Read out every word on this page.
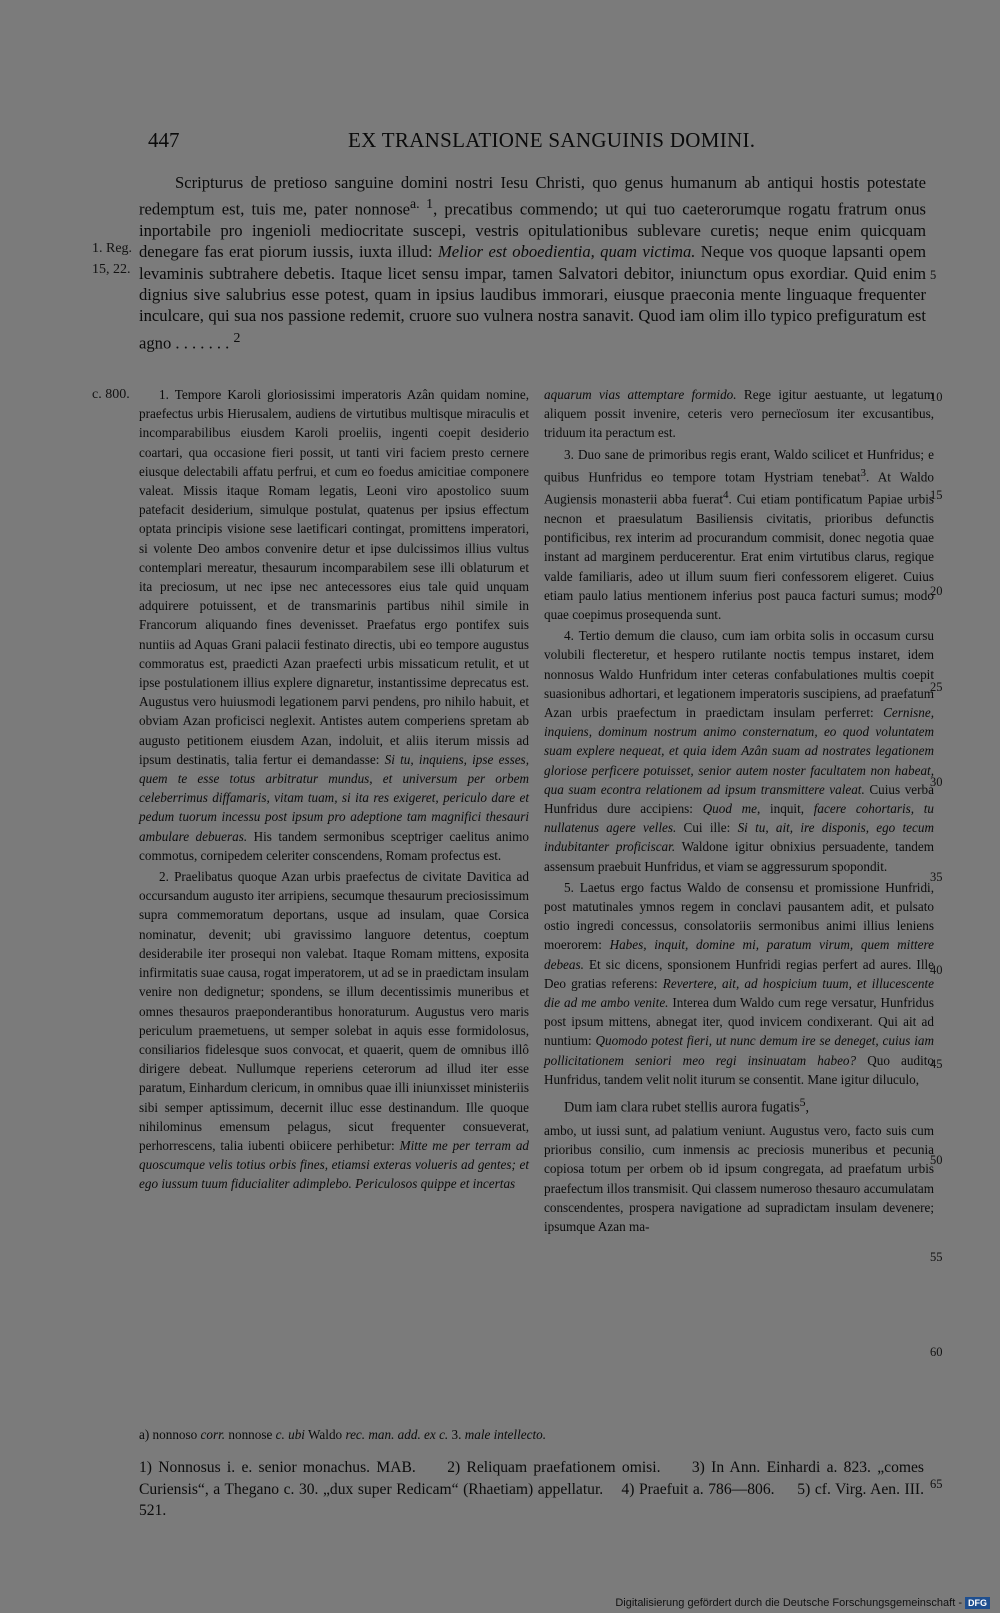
447	EX TRANSLATIONE SANGUINIS DOMINI.
Scripturus de pretioso sanguine domini nostri Iesu Christi, quo genus humanum ab antiqui hostis potestate redemptum est, tuis me, pater nonnose$^{a. 1}$, precatibus commendo; ut qui tuo caeterorumque rogatu fratrum onus inportabile pro ingenioli mediocritate suscepi, vestris opitulationibus sublevare curetis; neque enim quicquam denegare fas erat piorum iussis, iuxta illud: Melior est oboedientia, quam victima. Neque vos quoque lapsanti opem levaminis subtrahere debetis. Itaque licet sensu impar, tamen Salvatori debitor, iniunctum opus exordiar. Quid enim dignius sive salubrius esse potest, quam in ipsius laudibus immorari, eiusque praeconia mente linguaque frequenter inculcare, qui sua nos passione redemit, cruore suo vulnera nostra sanavit. Quod iam olim illo typico prefiguratum est agno . . . . . . . $^2$
1. Reg.
15, 22.
c. 800.
5
10
15
20
25
30
35
40
45
50
55
60
65

1. Tempore Karoli gloriosissimi imperatoris Azân quidam nomine, praefectus urbis Hierusalem, audiens de virtutibus multisque miraculis et incomparabilibus eiusdem Karoli proeliis, ingenti coepit desiderio coartari, qua occasione fieri possit, ut tanti viri faciem presto cernere eiusque delectabili affatu perfrui, et cum eo foedus amicitiae componere valeat. Missis itaque Romam legatis, Leoni viro apostolico suum patefacit desiderium, simulque postulat, quatenus per ipsius effectum optata principis visione sese laetificari contingat, promittens imperatori, si volente Deo ambos convenire detur et ipse dulcissimos illius vultus contemplari mereatur, thesaurum incomparabilem sese illi oblaturum et ita preciosum, ut nec ipse nec antecessores eius tale quid unquam adquirere potuissent, et de transmarinis partibus nihil simile in Francorum aliquando fines devenisset. Praefatus ergo pontifex suis nuntiis ad Aquas Grani palacii festinato directis, ubi eo tempore augustus commoratus est, praedicti Azan praefecti urbis missaticum retulit, et ut ipse postulationem illius explere dignaretur, instantissime deprecatus est. Augustus vero huiusmodi legationem parvi pendens, pro nihilo habuit, et obviam Azan proficisci neglexit. Antistes autem comperiens spretam ab augusto petitionem eiusdem Azan, indoluit, et aliis iterum missis ad ipsum destinatis, talia fertur ei demandasse: Si tu, inquiens, ipse esses, quem te esse totus arbitratur mundus, et universum per orbem celeberrimus diffamaris, vitam tuam, si ita res exigeret, periculo dare et pedum tuorum incessu post ipsum pro adeptione tam magnifici thesauri ambulare debueras. His tandem sermonibus sceptriger caelitus animo commotus, cornipedem celeriter conscendens, Romam profectus est.

2. Praelibatus quoque Azan urbis praefectus de civitate Davitica ad occursandum augusto iter arripiens, secumque thesaurum preciosissimum supra commemoratum deportans, usque ad insulam, quae Corsica nominatur, devenit; ubi gravissimo languore detentus, coeptum desiderabile iter prosequi non valebat. Itaque Romam mittens, exposita infirmitatis suae causa, rogat imperatorem, ut ad se in praedictam insulam venire non dedignetur; spondens, se illum decentissimis muneribus et omnes thesauros praeponderantibus honoraturum. Augustus vero maris periculum praemetuens, ut semper solebat in aquis esse formidolosus, consiliarios fidelesque suos convocat, et quaerit, quem de omnibus illô dirigere debeat. Nullumque reperiens ceterorum ad illud iter esse paratum, Einhardum clericum, in omnibus quae illi iniunxisset ministeriis sibi semper aptissimum, decernit illuc esse destinandum. Ille quoque nihilominus emensum pelagus, sicut frequenter consueverat, perhorrescens, talia iubenti obiicere perhibetur: Mitte me per terram ad quoscumque velis totius orbis fines, etiamsi exteras volueris ad gentes; et ego iussum tuum fiducialiter adimplebo. Periculosos quippe et incertas

aquarum vias attemptare formido. Rege igitur aestuante, ut legatum aliquem possit invenire, ceteris vero pernecïosum iter excusantibus, triduum ita peractum est.

3. Duo sane de primoribus regis erant, Waldo scilicet et Hunfridus; e quibus Hunfridus eo tempore totam Hystriam tenebat$^3$. At Waldo Augiensis monasterii abba fuerat$^4$. Cui etiam pontificatum Papiae urbis necnon et praesulatum Basiliensis civitatis, prioribus defunctis pontificibus, rex interim ad procurandum commisit, donec negotia quae instant ad marginem perducerentur. Erat enim virtutibus clarus, regique valde familiaris, adeo ut illum suum fieri confessorem eligeret. Cuius etiam paulo latius mentionem inferius post pauca facturi sumus; modo quae coepimus prosequenda sunt.

4. Tertio demum die clauso, cum iam orbita solis in occasum cursu volubili flecteretur, et hespero rutilante noctis tempus instaret, idem nonnosus Waldo Hunfridum inter ceteras confabulationes multis coepit suasionibus adhortari, et legationem imperatoris suscipiens, ad praefatum Azan urbis praefectum in praedictam insulam perferret: Cernisne, inquiens, dominum nostrum animo consternatum, eo quod voluntatem suam explere nequeat, et quia idem Azân suam ad nostrates legationem gloriose perficere potuisset, senior autem noster facultatem non habeat, qua suam econtra relationem ad ipsum transmittere valeat. Cuius verba Hunfridus dure accipiens: Quod me, inquit, facere cohortaris, tu nullatenus agere velles. Cui ille: Si tu, ait, ire disponis, ego tecum indubitanter proficiscar. Waldone igitur obnixius persuadente, tandem assensum praebuit Hunfridus, et viam se aggressurum spopondit.

5. Laetus ergo factus Waldo de consensu et promissione Hunfridi, post matutinales ymnos regem in conclavi pausantem adit, et pulsato ostio ingredi concessus, consolatoriis sermonibus animi illius leniens moerorem: Habes, inquit, domine mi, paratum virum, quem mittere debeas. Et sic dicens, sponsionem Hunfridi regias perfert ad aures. Ille Deo gratias referens: Revertere, ait, ad hospicium tuum, et illucescente die ad me ambo venite. Interea dum Waldo cum rege versatur, Hunfridus post ipsum mittens, abnegat iter, quod invicem condixerant. Qui ait ad nuntium: Quomodo potest fieri, ut nunc demum ire se deneget, cuius iam pollicitationem seniori meo regi insinuatam habeo? Quo audito Hunfridus, tandem velit nolit iturum se consentit. Mane igitur diluculo,

Dum iam clara rubet stellis aurora fugatis$^5$,

ambo, ut iussi sunt, ad palatium veniunt. Augustus vero, facto suis cum prioribus consilio, cum inmensis ac preciosis muneribus et pecunia copiosa totum per orbem ob id ipsum congregata, ad praefatum urbis praefectum illos transmisit. Qui classem numeroso thesauro accumulatam conscendentes, prospera navigatione ad supradictam insulam devenere; ipsumque Azan ma-

a) nonnoso corr. nonnose c. ubi Waldo rec. man. add. ex c. 3. male intellecto.
1) Nonnosus i. e. senior monachus. MAB. 2) Reliquam praefationem omisi. 3) In Ann. Einhardi a. 823. „comes Curiensis“, a Thegano c. 30. „dux super Redicam“ (Rhaetiam) appellatur. 4) Praefuit a. 786—806. 5) cf. Virg. Aen. III. 521.
Digitalisierung gefördert durch die Deutsche Forschungsgemeinschaft - DFG
